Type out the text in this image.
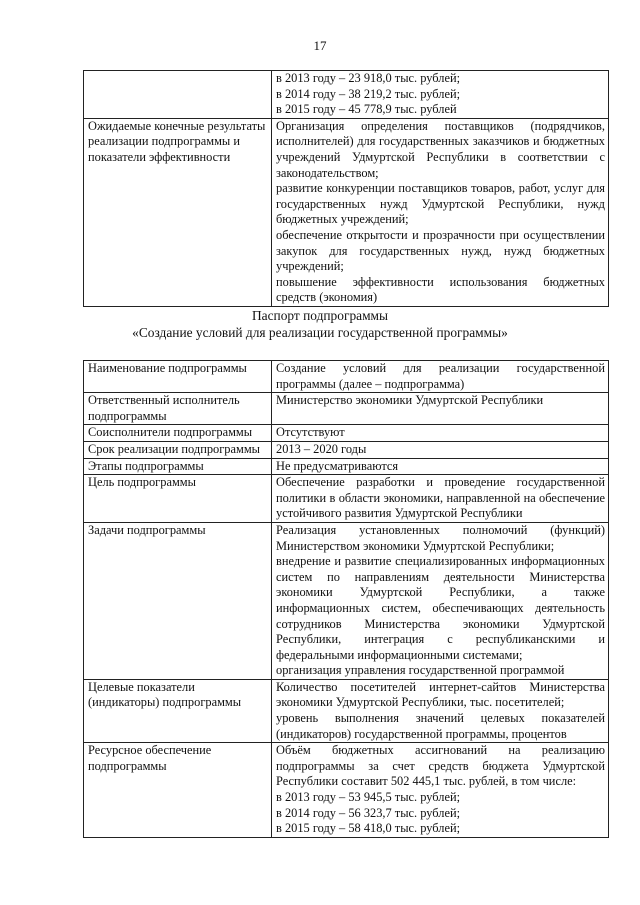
17

	в 2013 году – 23 918,0 тыс. рублей;
в 2014 году – 38 219,2 тыс. рублей;
в 2015 году – 45 778,9 тыс. рублей

Ожидаемые конечные результаты реализации подпрограммы и показатели эффективности	Организация определения поставщиков (подрядчиков, исполнителей) для государственных заказчиков и бюджетных учреждений Удмуртской Республики в соответствии с законодательством;
развитие конкуренции поставщиков товаров, работ, услуг для государственных нужд Удмуртской Республики, нужд бюджетных учреждений;
обеспечение открытости и прозрачности при осуществлении закупок для государственных нужд, нужд бюджетных учреждений;
повышение эффективности использования бюджетных средств (экономия)
Паспорт подпрограммы
«Создание условий для реализации государственной программы»
Наименование подпрограммы	Создание условий для реализации государственной программы (далее – подпрограмма)

Ответственный исполнитель подпрограммы	Министерство экономики Удмуртской Республики

Соисполнители подпрограммы	Отсутствуют

Срок реализации подпрограммы	2013 – 2020 годы

Этапы подпрограммы	Не предусматриваются

Цель подпрограммы	Обеспечение разработки и проведение государственной политики в области экономики, направленной на обеспечение устойчивого развития Удмуртской Республики

Задачи подпрограммы	Реализация установленных полномочий (функций) Министерством экономики Удмуртской Республики;
внедрение и развитие специализированных информационных систем по направлениям деятельности Министерства экономики Удмуртской Республики, а также информационных систем, обеспечивающих деятельность сотрудников Министерства экономики Удмуртской Республики, интеграция с республиканскими и федеральными информационными системами;
организация управления государственной программой

Целевые показатели (индикаторы) подпрограммы	Количество посетителей интернет-сайтов Министерства экономики Удмуртской Республики, тыс. посетителей;
уровень выполнения значений целевых показателей (индикаторов) государственной программы, процентов

Ресурсное обеспечение подпрограммы	Объём бюджетных ассигнований на реализацию подпрограммы за счет средств бюджета Удмуртской Республики составит 502 445,1 тыс. рублей, в том числе:
в 2013 году – 53 945,5 тыс. рублей;
в 2014 году – 56 323,7 тыс. рублей;
в 2015 году – 58 418,0 тыс. рублей;
